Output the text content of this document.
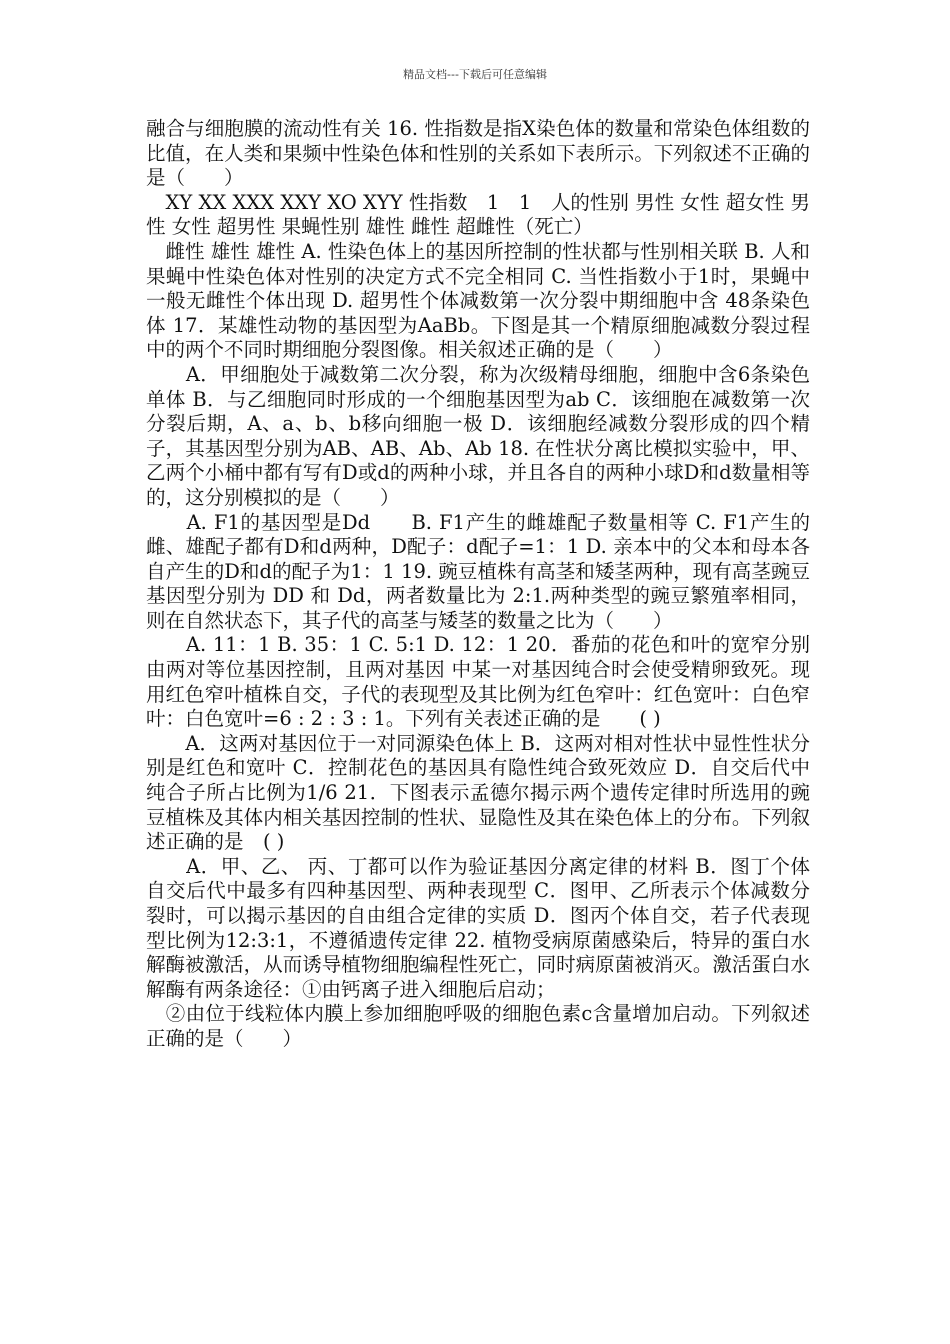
精品文档---下载后可任意编辑

融合与细胞膜的流动性有关 16. 性指数是指X染色体的数量和常染色体组数的比值，在人类和果频中性染色体和性别的关系如下表所示。下列叙述不正确的是（　　）

　XY XX XXX XXY XO XYY 性指数　1　1　人的性别 男性 女性 超女性 男性 女性 超男性 果蝇性别 雄性 雌性 超雌性（死亡）

　雌性 雄性 雄性 A. 性染色体上的基因所控制的性状都与性别相关联 B. 人和果蝇中性染色体对性别的决定方式不完全相同 C. 当性指数小于1时，果蝇中一般无雌性个体出现 D. 超男性个体减数第一次分裂中期细胞中含 48条染色体 17．某雄性动物的基因型为AaBb。下图是其一个精原细胞减数分裂过程中的两个不同时期细胞分裂图像。相关叙述正确的是（　　）

　　A．甲细胞处于减数第二次分裂，称为次级精母细胞，细胞中含6条染色单体 B．与乙细胞同时形成的一个细胞基因型为ab C．该细胞在减数第一次分裂后期，A、a、b、b移向细胞一极 D．该细胞经减数分裂形成的四个精子，其基因型分别为AB、AB、Ab、Ab 18. 在性状分离比模拟实验中，甲、乙两个小桶中都有写有D或d的两种小球，并且各自的两种小球D和d数量相等的，这分别模拟的是（　　）

　　A. F1的基因型是Dd　　B. F1产生的雌雄配子数量相等 C. F1产生的雌、雄配子都有D和d两种，D配子：d配子=1：1 D. 亲本中的父本和母本各自产生的D和d的配子为1：1 19. 豌豆植株有高茎和矮茎两种，现有高茎豌豆基因型分别为 DD 和 Dd，两者数量比为 2:1.两种类型的豌豆繁殖率相同，则在自然状态下，其子代的高茎与矮茎的数量之比为（　　）

　　A. 11：1 B. 35：1 C. 5:1 D. 12：1 20．番茄的花色和叶的宽窄分别由两对等位基因控制，且两对基因 中某一对基因纯合时会使受精卵致死。现用红色窄叶植株自交，子代的表现型及其比例为红色窄叶：红色宽叶：白色窄叶：白色宽叶=6 : 2 : 3 : 1。下列有关表述正确的是　　( )

　　A．这两对基因位于一对同源染色体上 B．这两对相对性状中显性性状分别是红色和宽叶 C．控制花色的基因具有隐性纯合致死效应 D．自交后代中纯合子所占比例为1/6 21．下图表示孟德尔揭示两个遗传定律时所选用的豌豆植株及其体内相关基因控制的性状、显隐性及其在染色体上的分布。下列叙述正确的是　( )

　　A．甲、乙、 丙、丁都可以作为验证基因分离定律的材料 B．图丁个体自交后代中最多有四种基因型、两种表现型 C．图甲、乙所表示个体减数分裂时，可以揭示基因的自由组合定律的实质 D．图丙个体自交，若子代表现型比例为12:3:1，不遵循遗传定律 22. 植物受病原菌感染后，特异的蛋白水解酶被激活，从而诱导植物细胞编程性死亡，同时病原菌被消灭。激活蛋白水解酶有两条途径：①由钙离子进入细胞后启动；

　②由位于线粒体内膜上参加细胞呼吸的细胞色素c含量增加启动。下列叙述正确的是（　　）
